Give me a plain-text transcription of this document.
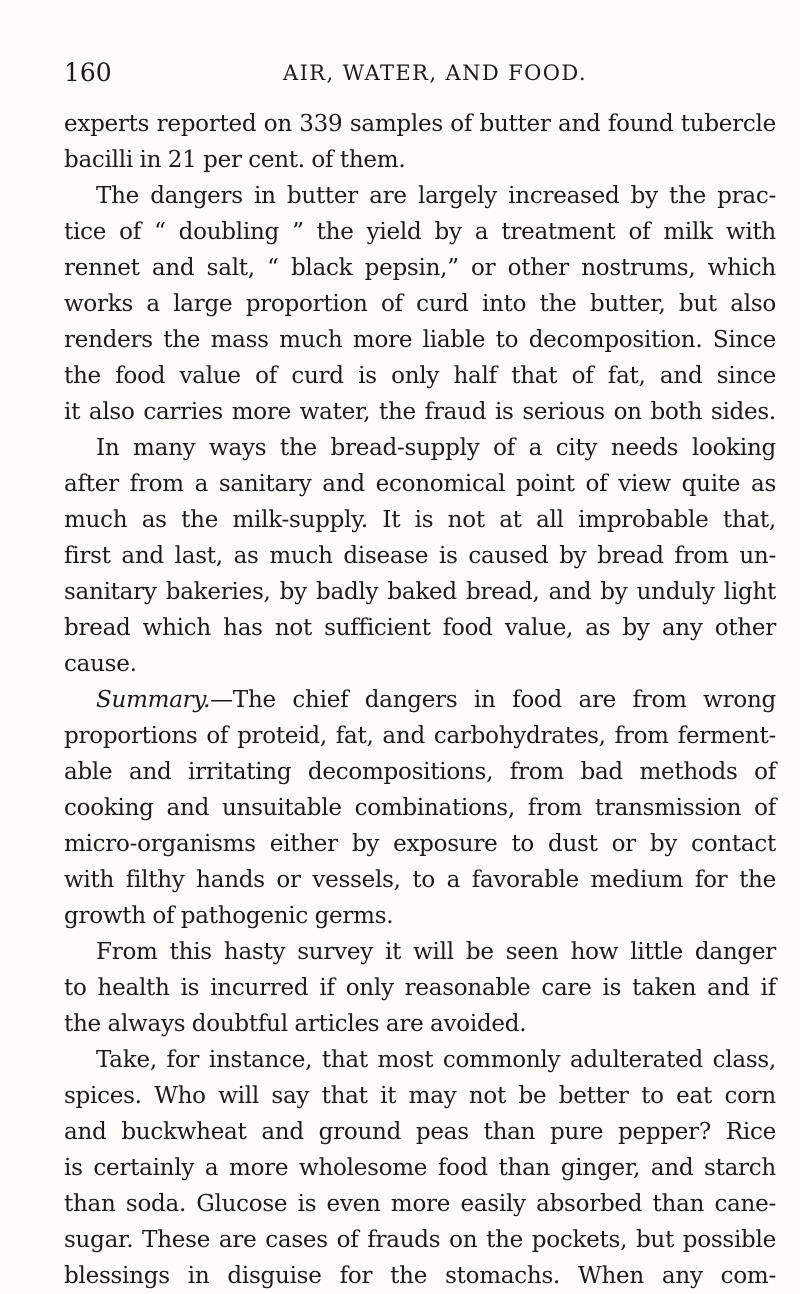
160	AIR, WATER, AND FOOD.
experts reported on 339 samples of butter and found tubercle
bacilli in 21 per cent. of them.
The dangers in butter are largely increased by the prac-
tice of “ doubling ” the yield by a treatment of milk with
rennet and salt, “ black pepsin,” or other nostrums, which
works a large proportion of curd into the butter, but also
renders the mass much more liable to decomposition. Since
the food value of curd is only half that of fat, and since
it also carries more water, the fraud is serious on both sides.
In many ways the bread-supply of a city needs looking
after from a sanitary and economical point of view quite as
much as the milk-supply. It is not at all improbable that,
first and last, as much disease is caused by bread from un-
sanitary bakeries, by badly baked bread, and by unduly light
bread which has not sufficient food value, as by any other
cause.
Summary.—The chief dangers in food are from wrong
proportions of proteid, fat, and carbohydrates, from ferment-
able and irritating decompositions, from bad methods of
cooking and unsuitable combinations, from transmission of
micro-organisms either by exposure to dust or by contact
with filthy hands or vessels, to a favorable medium for the
growth of pathogenic germs.
From this hasty survey it will be seen how little danger
to health is incurred if only reasonable care is taken and if
the always doubtful articles are avoided.
Take, for instance, that most commonly adulterated class,
spices. Who will say that it may not be better to eat corn
and buckwheat and ground peas than pure pepper? Rice
is certainly a more wholesome food than ginger, and starch
than soda. Glucose is even more easily absorbed than cane-
sugar. These are cases of frauds on the pockets, but possible
blessings in disguise for the stomachs. When any com-
